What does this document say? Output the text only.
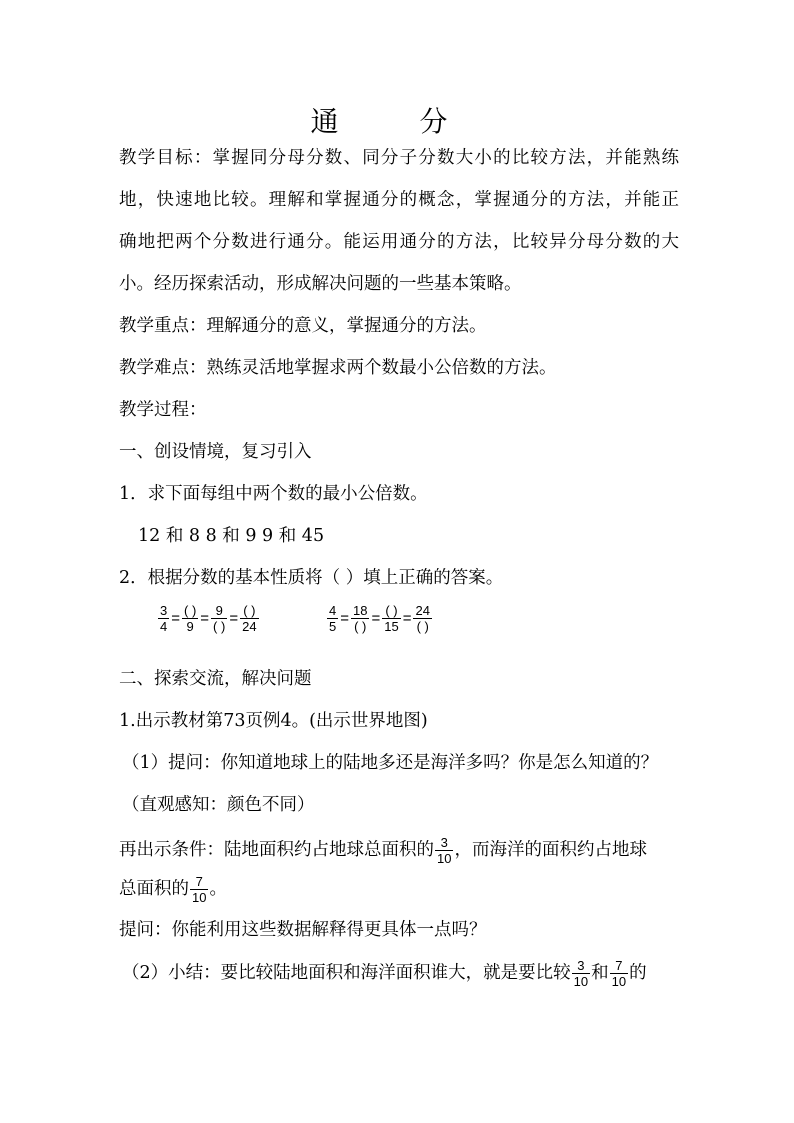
通 分
教学目标：掌握同分母分数、同分子分数大小的比较方法，并能熟练
地，快速地比较。理解和掌握通分的概念，掌握通分的方法，并能正
确地把两个分数进行通分。能运用通分的方法，比较异分母分数的大
小。经历探索活动，形成解决问题的一些基本策略。
教学重点：理解通分的意义，掌握通分的方法。
教学难点：熟练灵活地掌握求两个数最小公倍数的方法。
教学过程：
一、创设情境，复习引入
1．求下面每组中两个数的最小公倍数。
12 和 8 8 和 9 9 和 45
2．根据分数的基本性质将（ ）填上正确的答案。
$\frac{3}{4} = \frac{( )}{9} = \frac{9}{( )} = \frac{( )}{24}$	$\frac{4}{5} = \frac{18}{( )} = \frac{( )}{15} = \frac{24}{( )}$
二、探索交流，解决问题
1.出示教材第73页例4。(出示世界地图)
（1）提问：你知道地球上的陆地多还是海洋多吗？你是怎么知道的？
（直观感知：颜色不同）
再出示条件：陆地面积约占地球总面积的 $\frac{3}{10}$ ，而海洋的面积约占地球
总面积的 $\frac{7}{10}$ 。
提问：你能利用这些数据解释得更具体一点吗？
（2）小结：要比较陆地面积和海洋面积谁大，就是要比较 $\frac{3}{10}$ 和 $\frac{7}{10}$ 的
